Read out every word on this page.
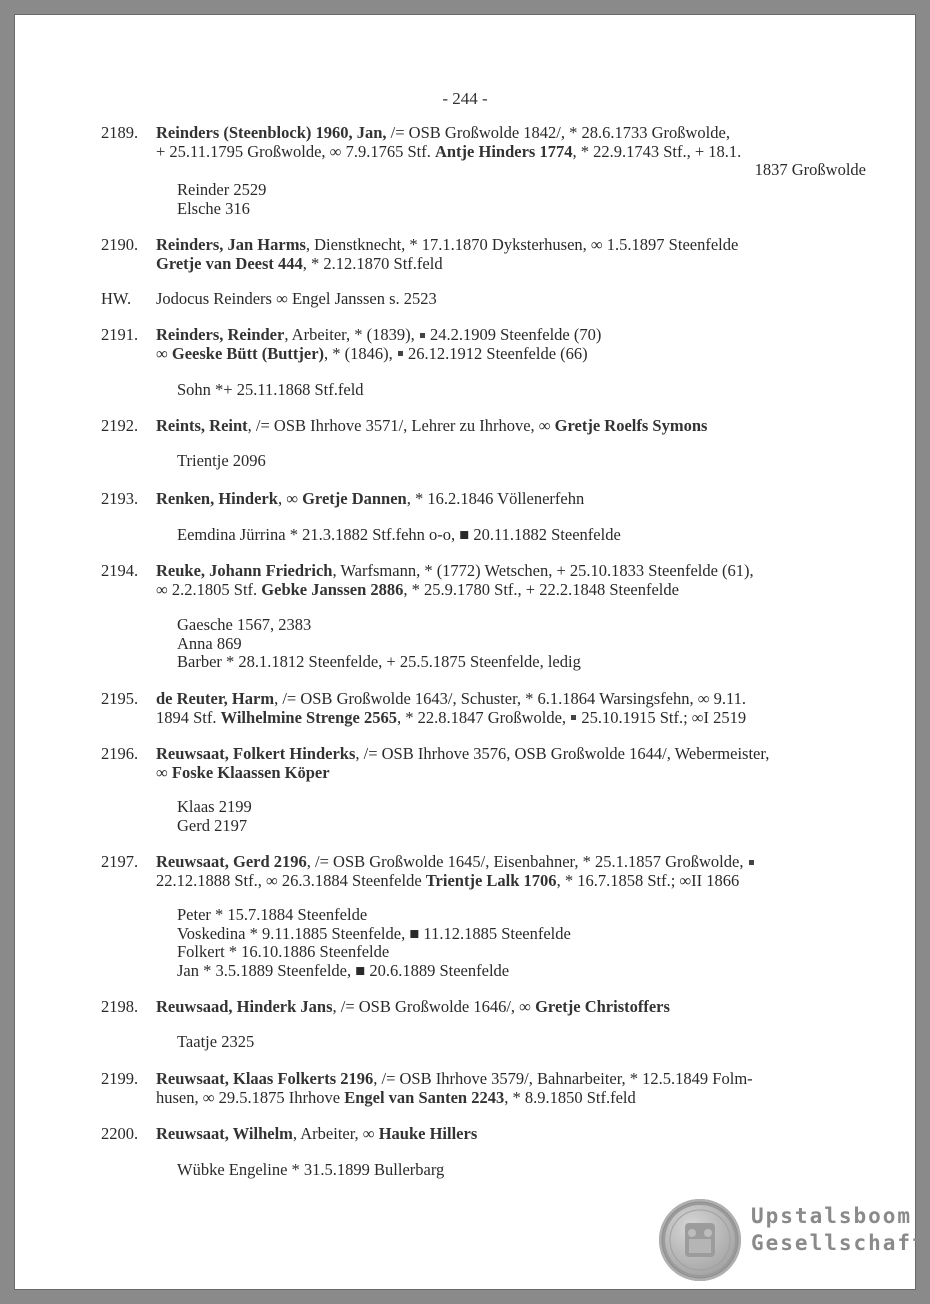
- 244 -
2189.	Reinders (Steenblock) 1960, Jan, /= OSB Großwolde 1842/, * 28.6.1733 Großwolde,
+ 25.11.1795 Großwolde, ∞ 7.9.1765 Stf. Antje Hinders 1774, * 22.9.1743 Stf., + 18.1.
1837 Großwolde
Reinder 2529
Elsche 316
2190.	Reinders, Jan Harms, Dienstknecht, * 17.1.1870 Dyksterhusen, ∞ 1.5.1897 Steenfelde
Gretje van Deest 444, * 2.12.1870 Stf.feld
HW.	Jodocus Reinders ∞ Engel Janssen s. 2523
2191.	Reinders, Reinder, Arbeiter, * (1839),  24.2.1909 Steenfelde (70)
∞ Geeske Bütt (Buttjer), * (1846),  26.12.1912 Steenfelde (66)
Sohn *+ 25.11.1868 Stf.feld
2192.	Reints, Reint, /= OSB Ihrhove 3571/, Lehrer zu Ihrhove, ∞ Gretje Roelfs Symons
Trientje 2096
2193.	Renken, Hinderk, ∞ Gretje Dannen, * 16.2.1846 Völlenerfehn
Eemdina Jürrina * 21.3.1882 Stf.fehn o-o, ■ 20.11.1882 Steenfelde
2194.	Reuke, Johann Friedrich, Warfsmann, * (1772) Wetschen, + 25.10.1833 Steenfelde (61),
∞ 2.2.1805 Stf. Gebke Janssen 2886, * 25.9.1780 Stf., + 22.2.1848 Steenfelde
Gaesche 1567, 2383
Anna 869
Barber * 28.1.1812 Steenfelde, + 25.5.1875 Steenfelde, ledig
2195.	de Reuter, Harm, /= OSB Großwolde 1643/, Schuster, * 6.1.1864 Warsingsfehn, ∞ 9.11.
1894 Stf. Wilhelmine Strenge 2565, * 22.8.1847 Großwolde,  25.10.1915 Stf.; ∞I 2519
2196.	Reuwsaat, Folkert Hinderks, /= OSB Ihrhove 3576, OSB Großwolde 1644/, Webermeister,
∞ Foske Klaassen Köper
Klaas 2199
Gerd 2197
2197.	Reuwsaat, Gerd 2196, /= OSB Großwolde 1645/, Eisenbahner, * 25.1.1857 Großwolde,
22.12.1888 Stf., ∞ 26.3.1884 Steenfelde Trientje Lalk 1706, * 16.7.1858 Stf.; ∞II 1866
Peter * 15.7.1884 Steenfelde
Voskedina * 9.11.1885 Steenfelde, ■ 11.12.1885 Steenfelde
Folkert * 16.10.1886 Steenfelde
Jan * 3.5.1889 Steenfelde, ■ 20.6.1889 Steenfelde
2198.	Reuwsaad, Hinderk Jans, /= OSB Großwolde 1646/, ∞ Gretje Christoffers
Taatje 2325
2199.	Reuwsaat, Klaas Folkerts 2196, /= OSB Ihrhove 3579/, Bahnarbeiter, * 12.5.1849 Folm-
husen, ∞ 29.5.1875 Ihrhove Engel van Santen 2243, * 8.9.1850 Stf.feld
2200.	Reuwsaat, Wilhelm, Arbeiter, ∞ Hauke Hillers
Wübke Engeline * 31.5.1899 Bullerbarg
Upstalsboom
Gesellschaft
